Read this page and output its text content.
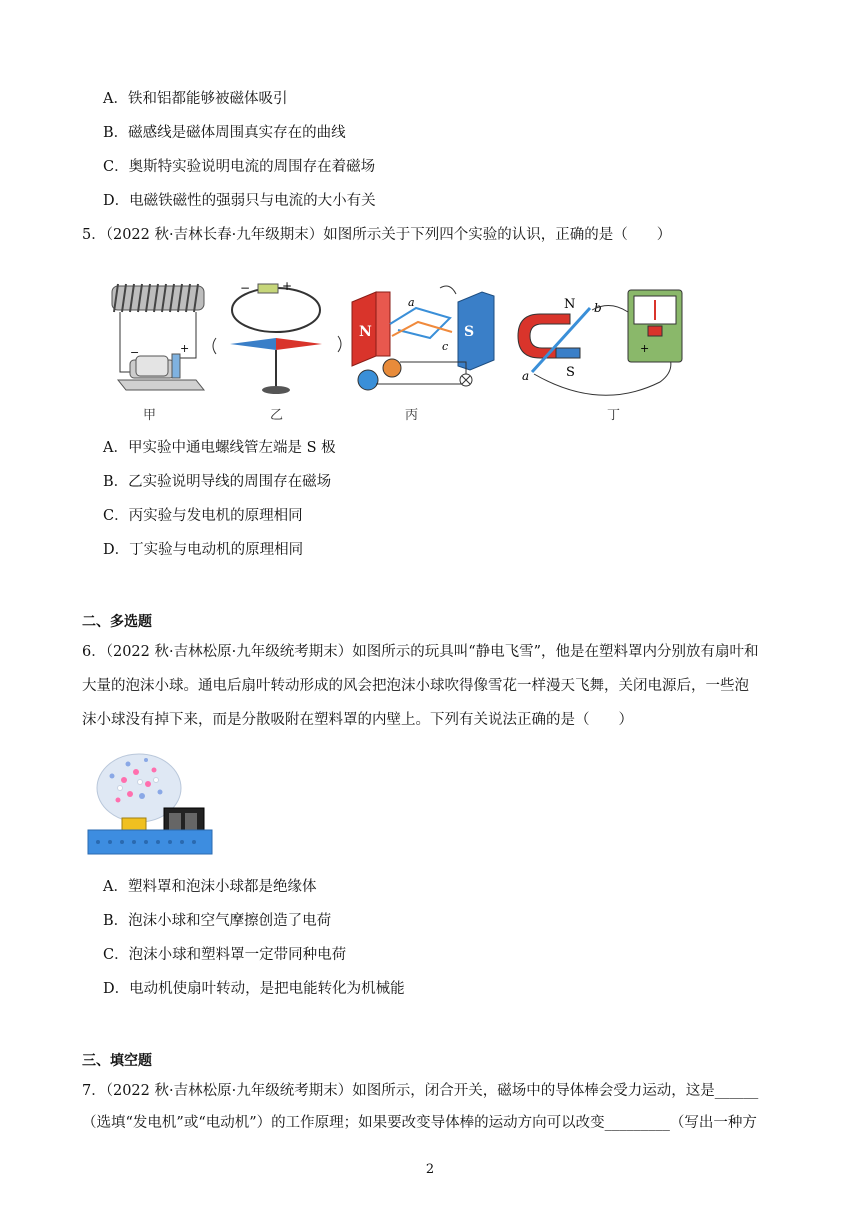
A．铁和铝都能够被磁体吸引
B．磁感线是磁体周围真实存在的曲线
C．奥斯特实验说明电流的周围存在着磁场
D．电磁铁磁性的强弱只与电流的大小有关
5．（2022 秋·吉林长春·九年级期末）如图所示关于下列四个实验的认识，正确的是（　　）
−	+
−	+
N	S
a
c
N
S
a
b
+
甲	乙	丙	丁
A．甲实验中通电螺线管左端是 S 极
B．乙实验说明导线的周围存在磁场
C．丙实验与发电机的原理相同
D．丁实验与电动机的原理相同
二、多选题
6．（2022 秋·吉林松原·九年级统考期末）如图所示的玩具叫“静电飞雪”，他是在塑料罩内分别放有扇叶和
大量的泡沫小球。通电后扇叶转动形成的风会把泡沫小球吹得像雪花一样漫天飞舞，关闭电源后，一些泡
沫小球没有掉下来，而是分散吸附在塑料罩的内壁上。下列有关说法正确的是（　　）
A．塑料罩和泡沫小球都是绝缘体
B．泡沫小球和空气摩擦创造了电荷
C．泡沫小球和塑料罩一定带同种电荷
D．电动机使扇叶转动，是把电能转化为机械能
三、填空题
7．（2022 秋·吉林松原·九年级统考期末）如图所示，闭合开关，磁场中的导体棒会受力运动，这是______
（选填“发电机”或“电动机”）的工作原理；如果要改变导体棒的运动方向可以改变_________（写出一种方
2
